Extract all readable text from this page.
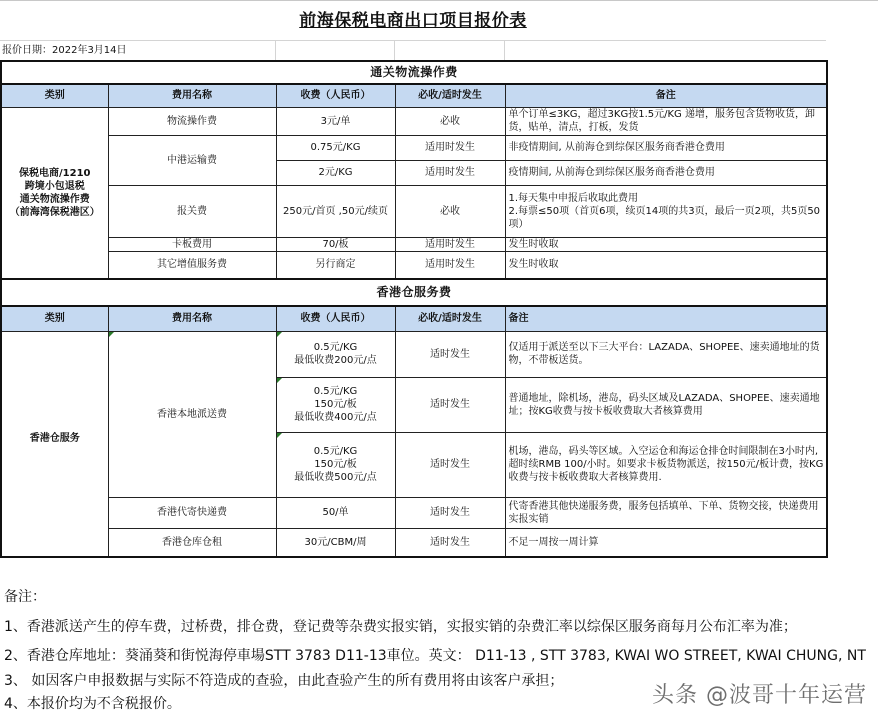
前海保税电商出口项目报价表
报价日期：2022年3月14日
通关物流操作费				
类别	费用名称	收费（人民币）	必收/适时发生	备注

保税电商/1210
跨境小包退税
通关物流操作费
（前海湾保税港区）	物流操作费	3元/单	必收	单个订单≤3KG，超过3KG按1.5元/KG 递增，服务包含货物收货，卸货，贴单，清点，打板，发货
	中港运输费	0.75元/KG	适用时发生	非疫情期间, 从前海仓到综保区服务商香港仓费用
		2元/KG	适用时发生	疫情期间, 从前海仓到综保区服务商香港仓费用
	报关费	250元/首页 ,50元/续页	必收	1.每天集中申报后收取此费用
2.每票≤50项（首页6项，续页14项的共3页，最后一页2项，共5页50项）

	卡板费用	70/板	适用时发生	发生时收取
	其它增值服务费	另行商定	适用时发生	发生时收取
香港仓服务费				
类别	费用名称	收费（人民币）	必收/适时发生	备注
香港仓服务	香港本地派送费	0.5元/KG
最低收费200元/点	适时发生	仅适用于派送至以下三大平台：LAZADA、SHOPEE、速卖通地址的货物，不带板送货。

		0.5元/KG
150元/板
最低收费400元/点	适时发生	普通地址，除机场，港岛，码头区域及LAZADA、SHOPEE、速卖通地址；按KG收费与按卡板收费取大者核算费用

		0.5元/KG
150元/板
最低收费500元/点	适时发生	机场，港岛，码头等区域。入空运仓和海运仓排仓时间限制在3小时内, 超时续RMB 100/小时。如要求卡板货物派送，按150元/板计费，按KG收费与按卡板收费取大者核算费用.
	香港代寄快递费	50/单	适时发生	代寄香港其他快递服务费，服务包括填单、下单、货物交接，快递费用实报实销
	香港仓库仓租	30元/CBM/周	适时发生	不足一周按一周计算
备注：
1、香港派送产生的停车费，过桥费，排仓费，登记费等杂费实报实销，实报实销的杂费汇率以综保区服务商每月公布汇率为准；
2、香港仓库地址：葵涌葵和街悦海停車場STT 3783 D11-13車位。英文： D11-13 , STT 3783, KWAI WO STREET, KWAI CHUNG, NT
3、 如因客户申报数据与实际不符造成的查验，由此查验产生的所有费用将由该客户承担；
4、本报价均为不含税报价。	头条 @波哥十年运营
